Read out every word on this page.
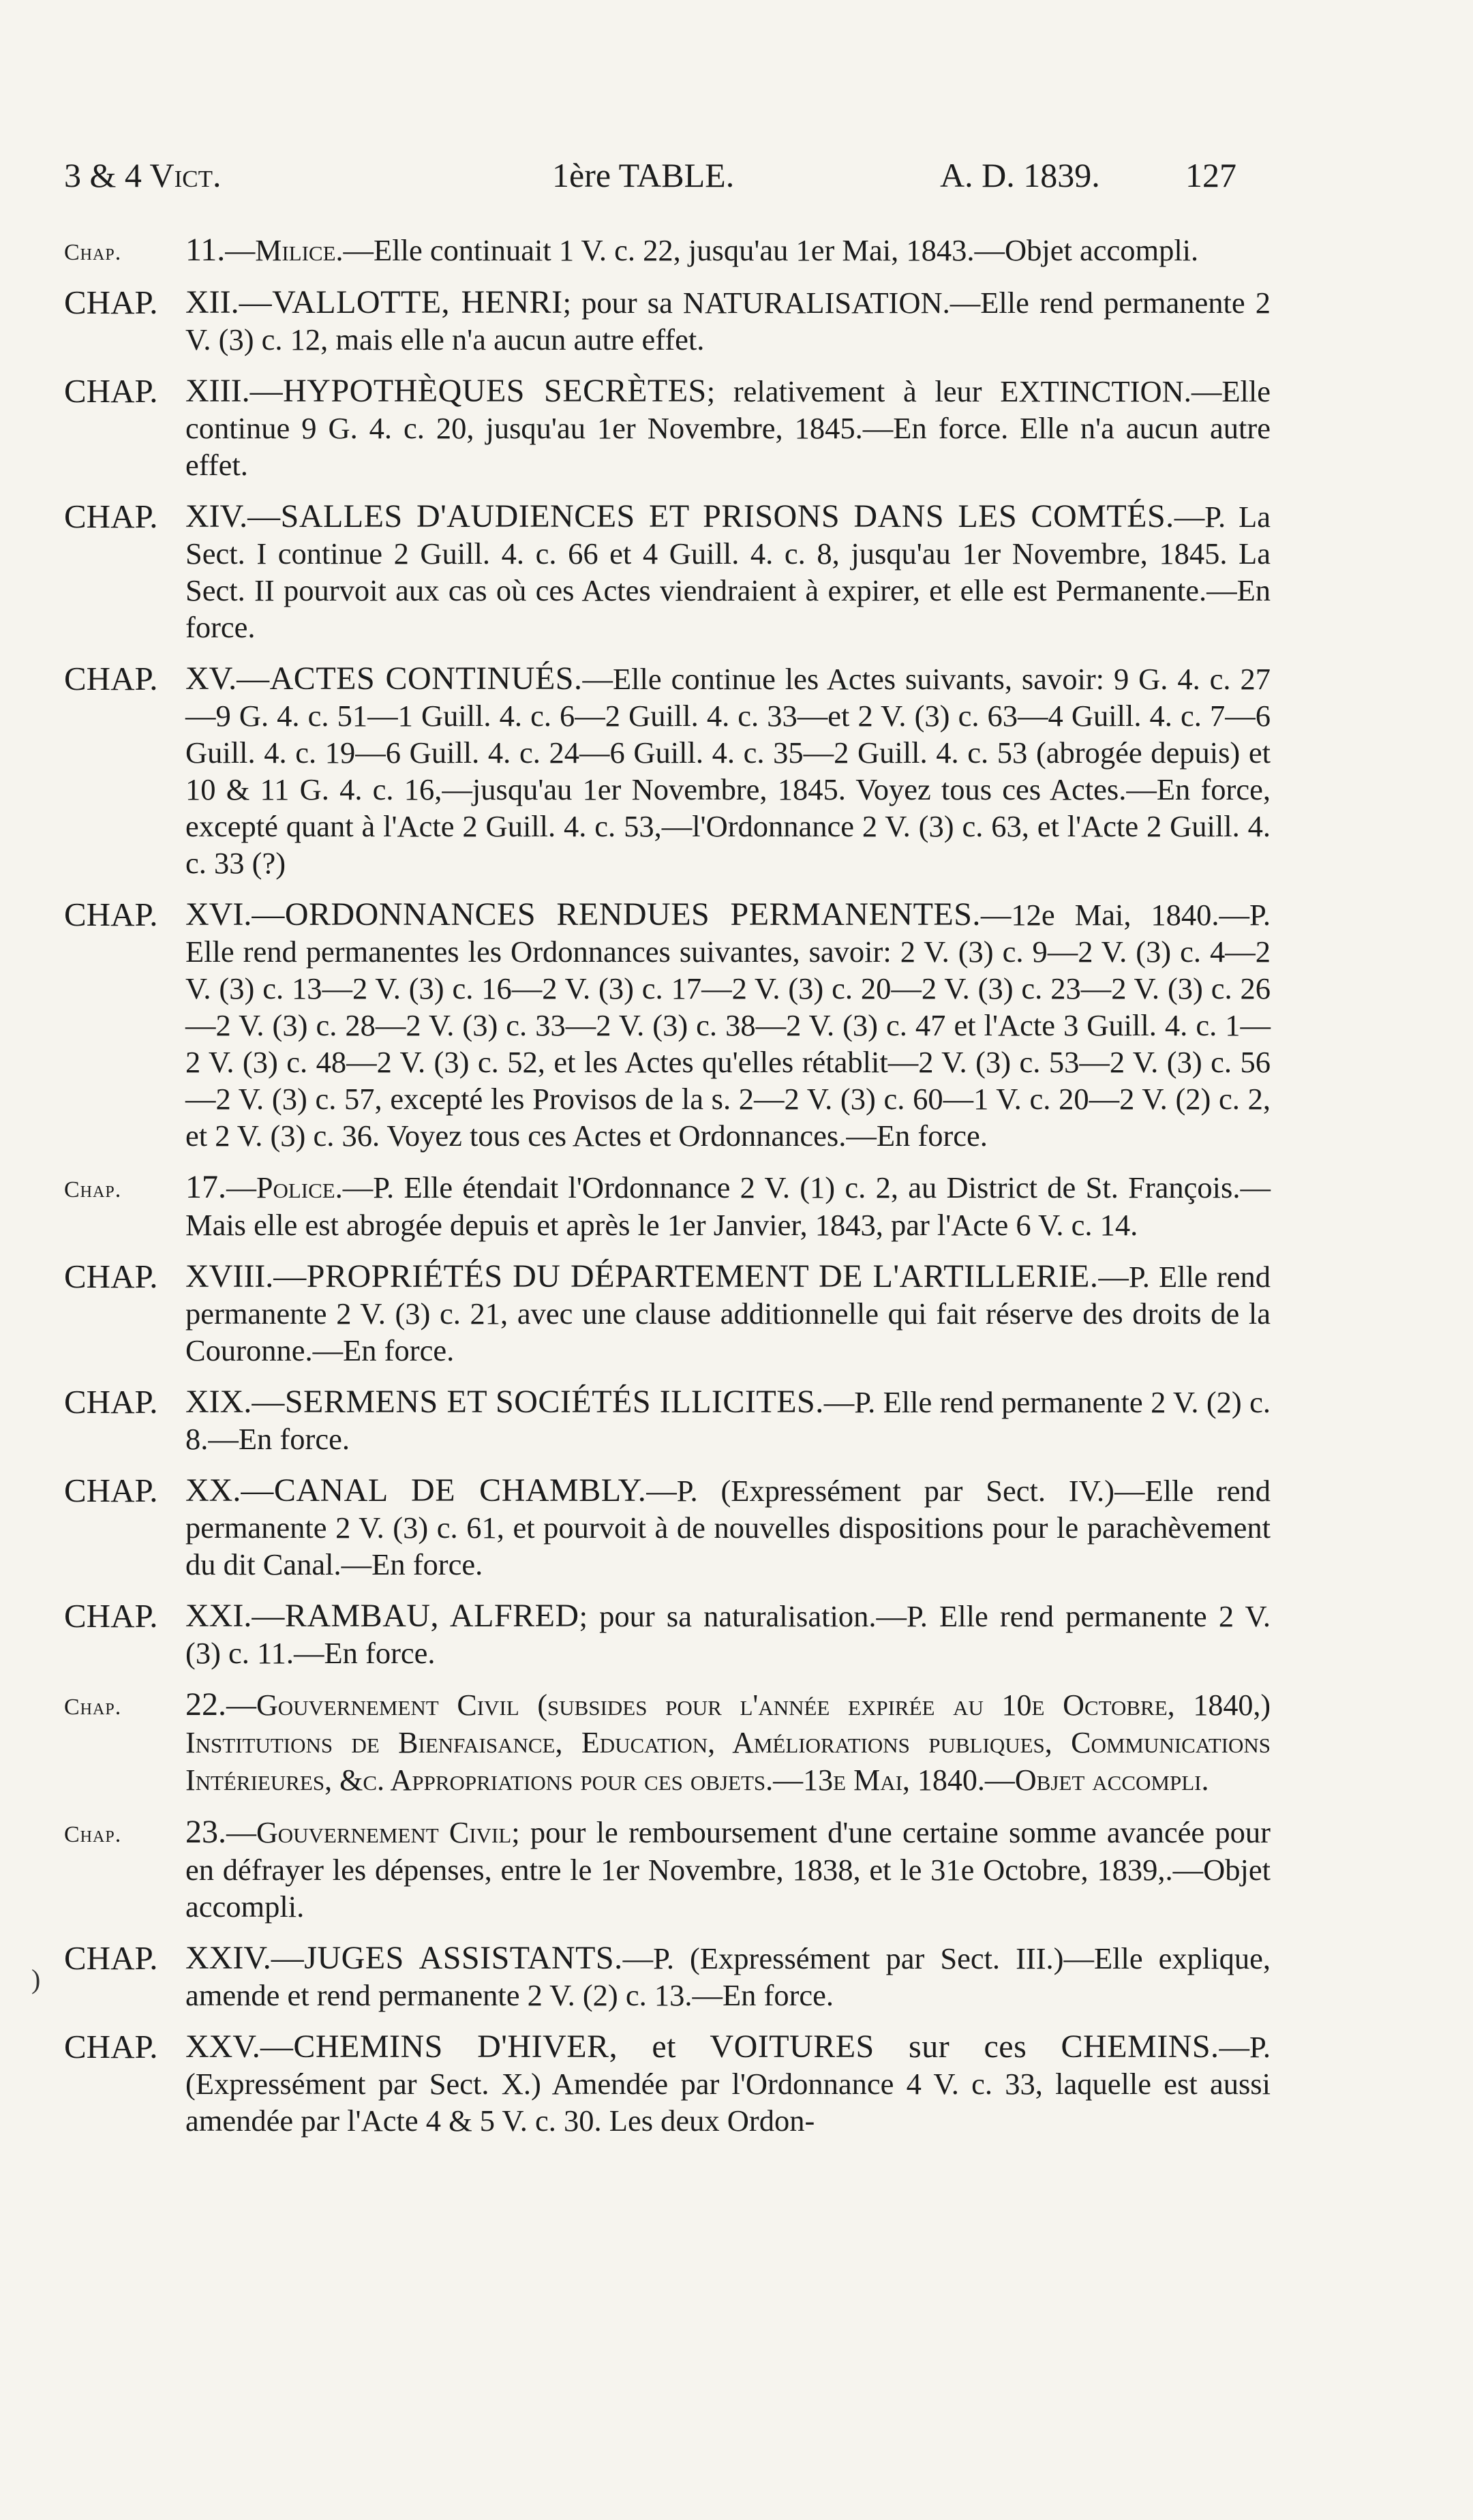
3 & 4 Vict.	1ère TABLE.	A. D. 1839.	127
Chap. 11.—Milice.—Elle continuait 1 V. c. 22, jusqu'au 1er Mai, 1843.—Objet accompli.
CHAP. XII.—VALLOTTE, HENRI; pour sa NATURALISATION.—Elle rend permanente 2 V. (3) c. 12, mais elle n'a aucun autre effet.
CHAP. XIII.—HYPOTHÈQUES SECRÈTES; relativement à leur EXTINCTION.—Elle continue 9 G. 4. c. 20, jusqu'au 1er Novembre, 1845.—En force. Elle n'a aucun autre effet.
CHAP. XIV.—SALLES D'AUDIENCES ET PRISONS DANS LES COMTÉS.—P. La Sect. I continue 2 Guill. 4. c. 66 et 4 Guill. 4. c. 8, jusqu'au 1er Novembre, 1845. La Sect. II pourvoit aux cas où ces Actes viendraient à expirer, et elle est Permanente.—En force.
CHAP. XV.—ACTES CONTINUÉS.—Elle continue les Actes suivants, savoir: 9 G. 4. c. 27—9 G. 4. c. 51—1 Guill. 4. c. 6—2 Guill. 4. c. 33—et 2 V. (3) c. 63—4 Guill. 4. c. 7—6 Guill. 4. c. 19—6 Guill. 4. c. 24—6 Guill. 4. c. 35—2 Guill. 4. c. 53 (abrogée depuis) et 10 & 11 G. 4. c. 16,—jusqu'au 1er Novembre, 1845. Voyez tous ces Actes.—En force, excepté quant à l'Acte 2 Guill. 4. c. 53,—l'Ordonnance 2 V. (3) c. 63, et l'Acte 2 Guill. 4. c. 33 (?)
CHAP. XVI.—ORDONNANCES RENDUES PERMANENTES.—12e Mai, 1840.—P. Elle rend permanentes les Ordonnances suivantes, savoir: 2 V. (3) c. 9—2 V. (3) c. 4—2 V. (3) c. 13—2 V. (3) c. 16—2 V. (3) c. 17—2 V. (3) c. 20—2 V. (3) c. 23—2 V. (3) c. 26—2 V. (3) c. 28—2 V. (3) c. 33—2 V. (3) c. 38—2 V. (3) c. 47 et l'Acte 3 Guill. 4. c. 1—2 V. (3) c. 48—2 V. (3) c. 52, et les Actes qu'elles rétablit—2 V. (3) c. 53—2 V. (3) c. 56—2 V. (3) c. 57, excepté les Provisos de la s. 2—2 V. (3) c. 60—1 V. c. 20—2 V. (2) c. 2, et 2 V. (3) c. 36. Voyez tous ces Actes et Ordonnances.—En force.
Chap. 17.—Police.—P. Elle étendait l'Ordonnance 2 V. (1) c. 2, au District de St. François.—Mais elle est abrogée depuis et après le 1er Janvier, 1843, par l'Acte 6 V. c. 14.
CHAP. XVIII.—PROPRIÉTÉS DU DÉPARTEMENT DE L'ARTILLERIE.—P. Elle rend permanente 2 V. (3) c. 21, avec une clause additionnelle qui fait réserve des droits de la Couronne.—En force.
CHAP. XIX.—SERMENS ET SOCIÉTÉS ILLICITES.—P. Elle rend permanente 2 V. (2) c. 8.—En force.
CHAP. XX.—CANAL DE CHAMBLY.—P. (Expressément par Sect. IV.)—Elle rend permanente 2 V. (3) c. 61, et pourvoit à de nouvelles dispositions pour le parachèvement du dit Canal.—En force.
CHAP. XXI.—RAMBAU, ALFRED; pour sa naturalisation.—P. Elle rend permanente 2 V. (3) c. 11.—En force.
Chap. 22.—Gouvernement Civil (subsides pour l'année expirée au 10e Octobre, 1840,) Institutions de Bienfaisance, Education, Améliorations publiques, Communications Intérieures, &c. Appropriations pour ces objets.—13e Mai, 1840.—Objet accompli.
Chap. 23.—Gouvernement Civil; pour le remboursement d'une certaine somme avancée pour en défrayer les dépenses, entre le 1er Novembre, 1838, et le 31e Octobre, 1839,.—Objet accompli.
CHAP. XXIV.—JUGES ASSISTANTS.—P. (Expressément par Sect. III.)—Elle explique, amende et rend permanente 2 V. (2) c. 13.—En force.
CHAP. XXV.—CHEMINS D'HIVER, et VOITURES sur ces CHEMINS.—P. (Expressément par Sect. X.) Amendée par l'Ordonnance 4 V. c. 33, laquelle est aussi amendée par l'Acte 4 & 5 V. c. 30. Les deux Ordon-
)
